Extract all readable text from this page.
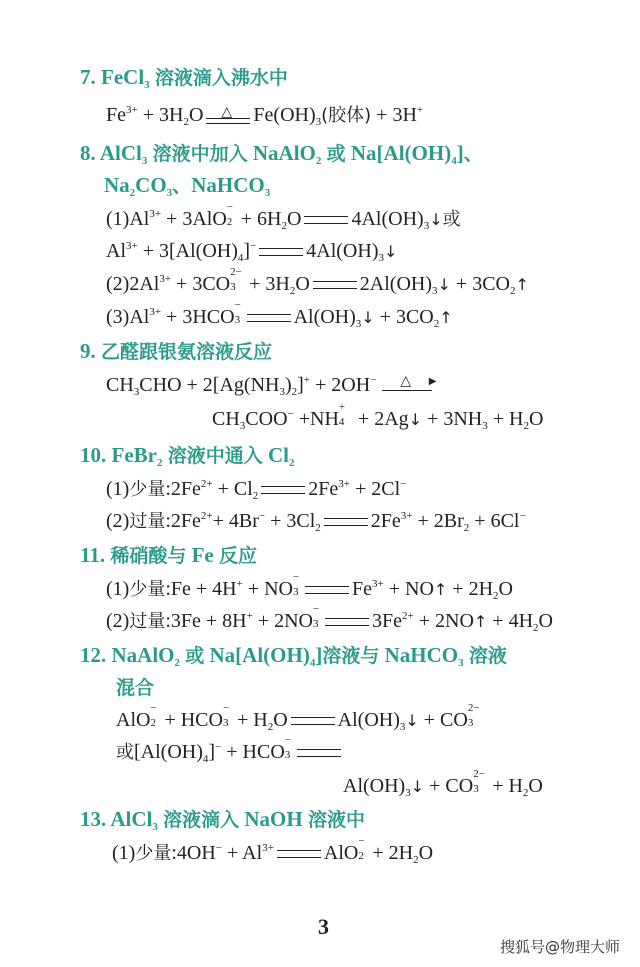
7. FeCl$_3$ 溶液滴入沸水中
$Fe^{3+} + 3H_2O$ △ $Fe(OH)_3$(胶体) + 3H+
8. AlCl$_3$ 溶液中加入 NaAlO$_2$ 或 $Na[Al(OH)_4]$、
$Na_2CO_3$、NaHCO$_3$
$(1)Al^{3+} + 3AlO$
−
$2 + 6H_2O$	$4Al(OH)_3↓$或
$Al^{3+} + 3[Al(OH)_4]^-$	$4Al(OH)_3↓$
$(2)2Al^{3+} + 3CO$
2−
$3 + 3H_2O$	$2Al(OH)_3↓$ + $3CO_2↑$
$(3)Al^{3+} + 3HCO$
−
3	$Al(OH)_3↓$ + $3CO_2↑$
9. 乙醛跟银氨溶液反应
$CH_3CHO + 2[Ag(NH_3)_2]^+ + 2OH^-$ △ ▶
$CH_3COO^- +NH$
+
4 + 2Ag↓ + $3NH_3 + H_2O$
10. FeBr$_2$ 溶液中通入 $Cl_2$
(1)少量$:2Fe^{2+} + Cl_2$	$2Fe^{3+} + 2Cl^-$
(2)过量$:2Fe^{2+}+ 4Br^- + 3Cl_2$	$2Fe^{3+} + 2Br_2 + 6Cl^-$
11. 稀硝酸与 Fe 反应
(1)少量:Fe + 4H+ + NO
−
3	$Fe^{3+}$ + NO↑ + $2H_2O$
(2)过量:3Fe + 8H+ + 2NO
−
3	$3Fe^{2+}$ + 2NO↑ + $4H_2O$
12. NaAlO$_2$ 或 $Na[Al(OH)_4]$溶液与 NaHCO$_3$ 溶液
混合
AlO
−
2 + HCO
−
$3 + H_2O$	$Al(OH)_3↓$ + CO
2−
3
或$[Al(OH)_4]^-$ + HCO
−
3
$Al(OH)_3↓$ + CO
2−
$3 + H_2O$
13. AlCl$_3$ 溶液滴入 NaOH 溶液中
(1)少量:4OH− + $Al^{3+}$	AlO
−
$2 + 2H_2O$
3
搜狐号@物理大师
